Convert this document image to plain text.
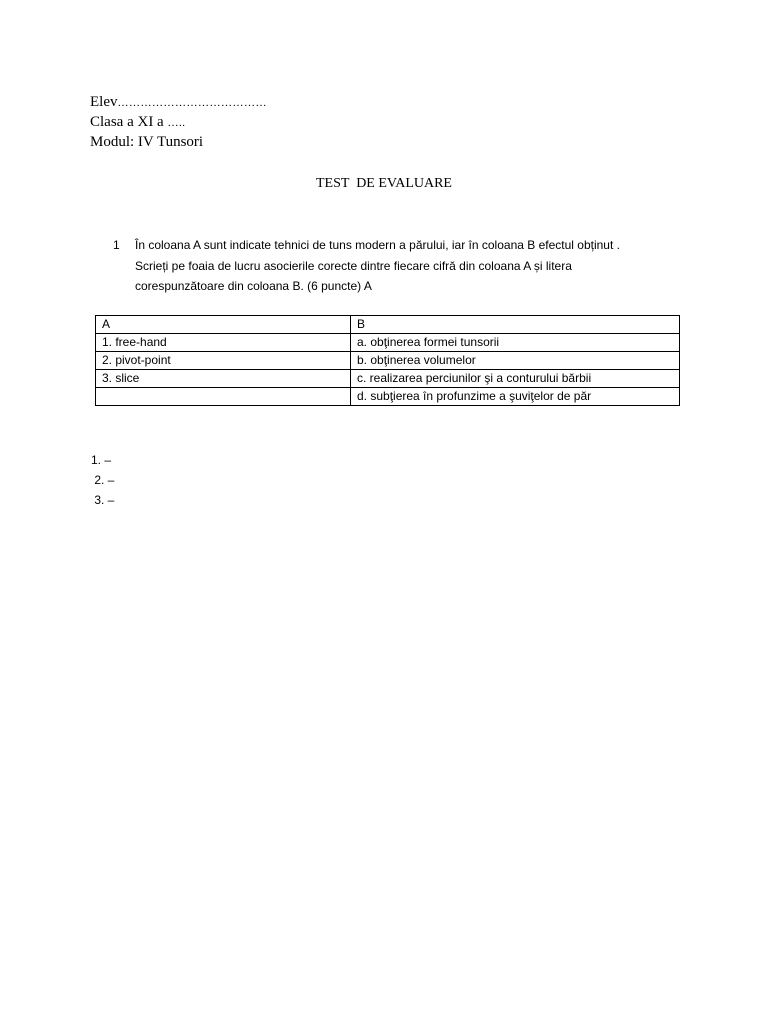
Elev…………………………………
Clasa a XI a …..
Modul: IV Tunsori
TEST  DE EVALUARE
1 În coloana A sunt indicate tehnici de tuns modern a părului, iar în coloana B efectul obținut .
Scrieți pe foaia de lucru asocierile corecte dintre fiecare cifră din coloana A și litera
corespunzătoare din coloana B. (6 puncte) A
A	B
1. free-hand	a. obţinerea formei tunsorii
2. pivot-point	b. obţinerea volumelor
3. slice	c. realizarea perciunilor şi a conturului bărbii
	d. subţierea în profunzime a şuviţelor de păr
1. –
2. –
3. –
